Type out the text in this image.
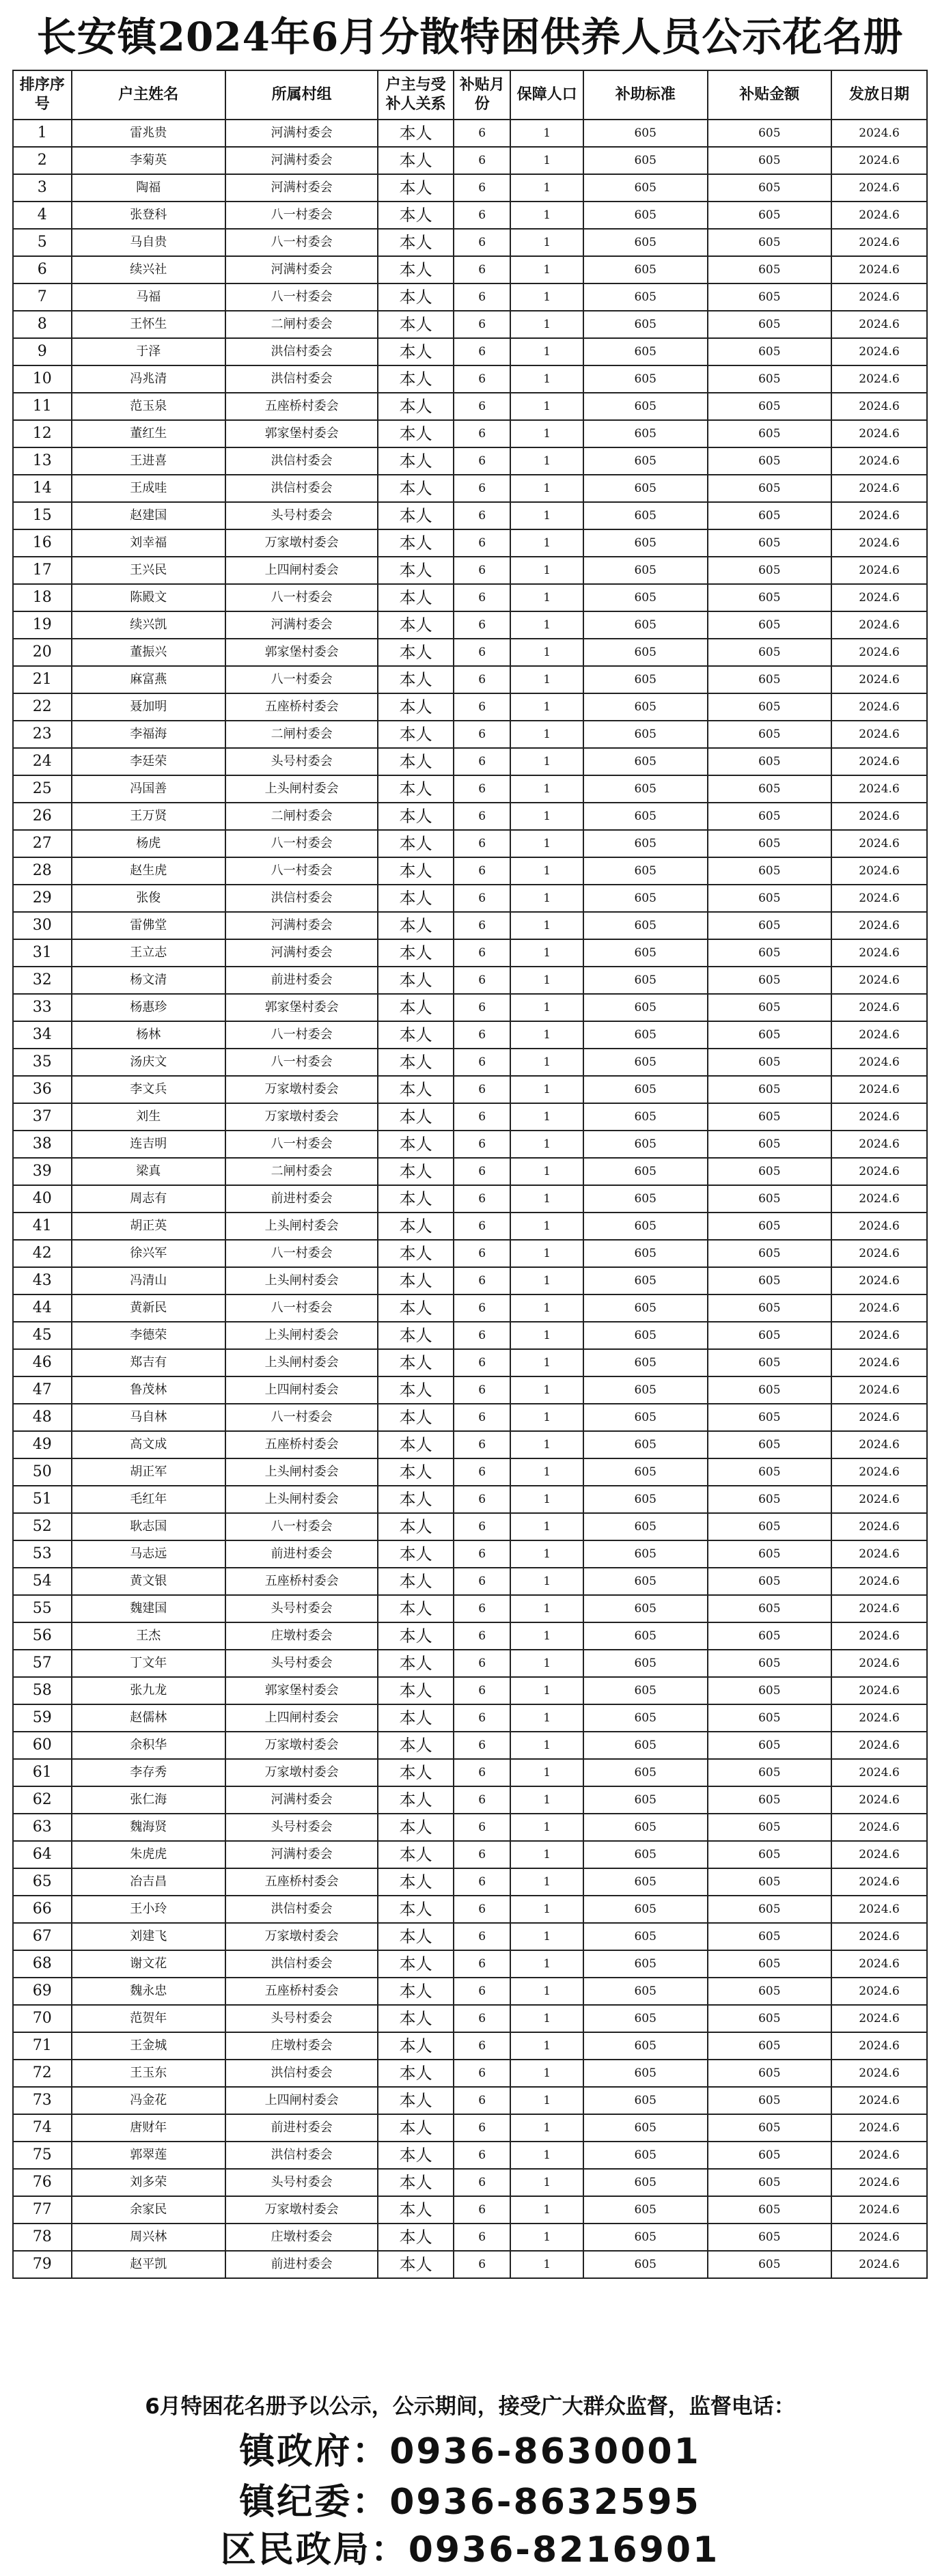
长安镇2024年6月分散特困供养人员公示花名册
排序序号	户主姓名	所属村组	户主与受补人关系	补贴月份	保障人口	补助标准	补贴金额	发放日期
1	雷兆贵	河满村委会	本人	6	1	605	605	2024.6
2	李菊英	河满村委会	本人	6	1	605	605	2024.6
3	陶福	河满村委会	本人	6	1	605	605	2024.6
4	张登科	八一村委会	本人	6	1	605	605	2024.6
5	马自贵	八一村委会	本人	6	1	605	605	2024.6
6	续兴社	河满村委会	本人	6	1	605	605	2024.6
7	马福	八一村委会	本人	6	1	605	605	2024.6
8	王怀生	二闸村委会	本人	6	1	605	605	2024.6
9	于泽	洪信村委会	本人	6	1	605	605	2024.6
10	冯兆清	洪信村委会	本人	6	1	605	605	2024.6
11	范玉泉	五座桥村委会	本人	6	1	605	605	2024.6
12	董红生	郭家堡村委会	本人	6	1	605	605	2024.6
13	王进喜	洪信村委会	本人	6	1	605	605	2024.6
14	王成哇	洪信村委会	本人	6	1	605	605	2024.6
15	赵建国	头号村委会	本人	6	1	605	605	2024.6
16	刘幸福	万家墩村委会	本人	6	1	605	605	2024.6
17	王兴民	上四闸村委会	本人	6	1	605	605	2024.6
18	陈殿文	八一村委会	本人	6	1	605	605	2024.6
19	续兴凯	河满村委会	本人	6	1	605	605	2024.6
20	董振兴	郭家堡村委会	本人	6	1	605	605	2024.6
21	麻富燕	八一村委会	本人	6	1	605	605	2024.6
22	聂加明	五座桥村委会	本人	6	1	605	605	2024.6
23	李福海	二闸村委会	本人	6	1	605	605	2024.6
24	李廷荣	头号村委会	本人	6	1	605	605	2024.6
25	冯国善	上头闸村委会	本人	6	1	605	605	2024.6
26	王万贤	二闸村委会	本人	6	1	605	605	2024.6
27	杨虎	八一村委会	本人	6	1	605	605	2024.6
28	赵生虎	八一村委会	本人	6	1	605	605	2024.6
29	张俊	洪信村委会	本人	6	1	605	605	2024.6
30	雷佛堂	河满村委会	本人	6	1	605	605	2024.6
31	王立志	河满村委会	本人	6	1	605	605	2024.6
32	杨文清	前进村委会	本人	6	1	605	605	2024.6
33	杨惠珍	郭家堡村委会	本人	6	1	605	605	2024.6
34	杨林	八一村委会	本人	6	1	605	605	2024.6
35	汤庆文	八一村委会	本人	6	1	605	605	2024.6
36	李文兵	万家墩村委会	本人	6	1	605	605	2024.6
37	刘生	万家墩村委会	本人	6	1	605	605	2024.6
38	连吉明	八一村委会	本人	6	1	605	605	2024.6
39	梁真	二闸村委会	本人	6	1	605	605	2024.6
40	周志有	前进村委会	本人	6	1	605	605	2024.6
41	胡正英	上头闸村委会	本人	6	1	605	605	2024.6
42	徐兴军	八一村委会	本人	6	1	605	605	2024.6
43	冯清山	上头闸村委会	本人	6	1	605	605	2024.6
44	黄新民	八一村委会	本人	6	1	605	605	2024.6
45	李德荣	上头闸村委会	本人	6	1	605	605	2024.6
46	郑吉有	上头闸村委会	本人	6	1	605	605	2024.6
47	鲁茂林	上四闸村委会	本人	6	1	605	605	2024.6
48	马自林	八一村委会	本人	6	1	605	605	2024.6
49	高文成	五座桥村委会	本人	6	1	605	605	2024.6
50	胡正军	上头闸村委会	本人	6	1	605	605	2024.6
51	毛红年	上头闸村委会	本人	6	1	605	605	2024.6
52	耿志国	八一村委会	本人	6	1	605	605	2024.6
53	马志远	前进村委会	本人	6	1	605	605	2024.6
54	黄文银	五座桥村委会	本人	6	1	605	605	2024.6
55	魏建国	头号村委会	本人	6	1	605	605	2024.6
56	王杰	庄墩村委会	本人	6	1	605	605	2024.6
57	丁文年	头号村委会	本人	6	1	605	605	2024.6
58	张九龙	郭家堡村委会	本人	6	1	605	605	2024.6
59	赵儒林	上四闸村委会	本人	6	1	605	605	2024.6
60	余积华	万家墩村委会	本人	6	1	605	605	2024.6
61	李存秀	万家墩村委会	本人	6	1	605	605	2024.6
62	张仁海	河满村委会	本人	6	1	605	605	2024.6
63	魏海贤	头号村委会	本人	6	1	605	605	2024.6
64	朱虎虎	河满村委会	本人	6	1	605	605	2024.6
65	冶吉昌	五座桥村委会	本人	6	1	605	605	2024.6
66	王小玲	洪信村委会	本人	6	1	605	605	2024.6
67	刘建飞	万家墩村委会	本人	6	1	605	605	2024.6
68	谢文花	洪信村委会	本人	6	1	605	605	2024.6
69	魏永忠	五座桥村委会	本人	6	1	605	605	2024.6
70	范贺年	头号村委会	本人	6	1	605	605	2024.6
71	王金城	庄墩村委会	本人	6	1	605	605	2024.6
72	王玉东	洪信村委会	本人	6	1	605	605	2024.6
73	冯金花	上四闸村委会	本人	6	1	605	605	2024.6
74	唐财年	前进村委会	本人	6	1	605	605	2024.6
75	郭翠莲	洪信村委会	本人	6	1	605	605	2024.6
76	刘多荣	头号村委会	本人	6	1	605	605	2024.6
77	余家民	万家墩村委会	本人	6	1	605	605	2024.6
78	周兴林	庄墩村委会	本人	6	1	605	605	2024.6
79	赵平凯	前进村委会	本人	6	1	605	605	2024.6
6月特困花名册予以公示，公示期间，接受广大群众监督，监督电话：
镇政府：0936-8630001
镇纪委：0936-8632595
区民政局：0936-8216901
